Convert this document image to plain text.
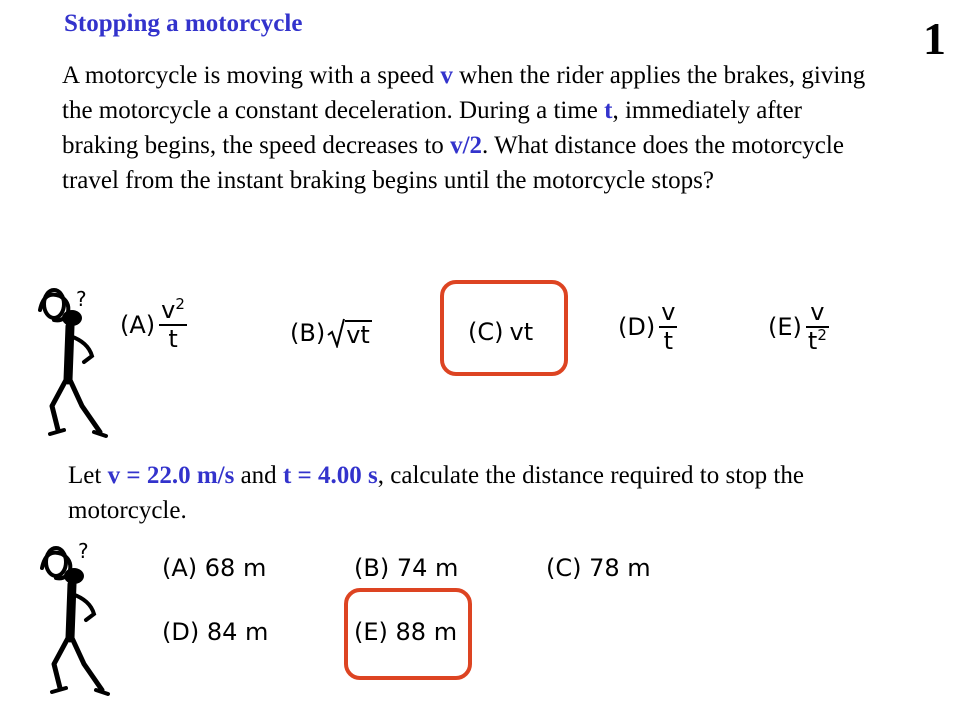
Stopping a motorcycle	1
A motorcycle is moving with a speed v when the rider applies the brakes, giving the motorcycle a constant deceleration. During a time t, immediately after braking begins, the speed decreases to v/2. What distance does the motorcycle travel from the instant braking begins until the motorcycle stops?
?
$(A) \frac{v^2}{t}$	(B) vt	(C) vt	$(D) \frac{v}{t}$	$(E) \frac{v}{t^2}$
Let v = 22.0 m/s and t = 4.00 s, calculate the distance required to stop the motorcycle.
?
(A) 68 m	(B) 74 m	(C) 78 m
(D) 84 m	(E) 88 m
